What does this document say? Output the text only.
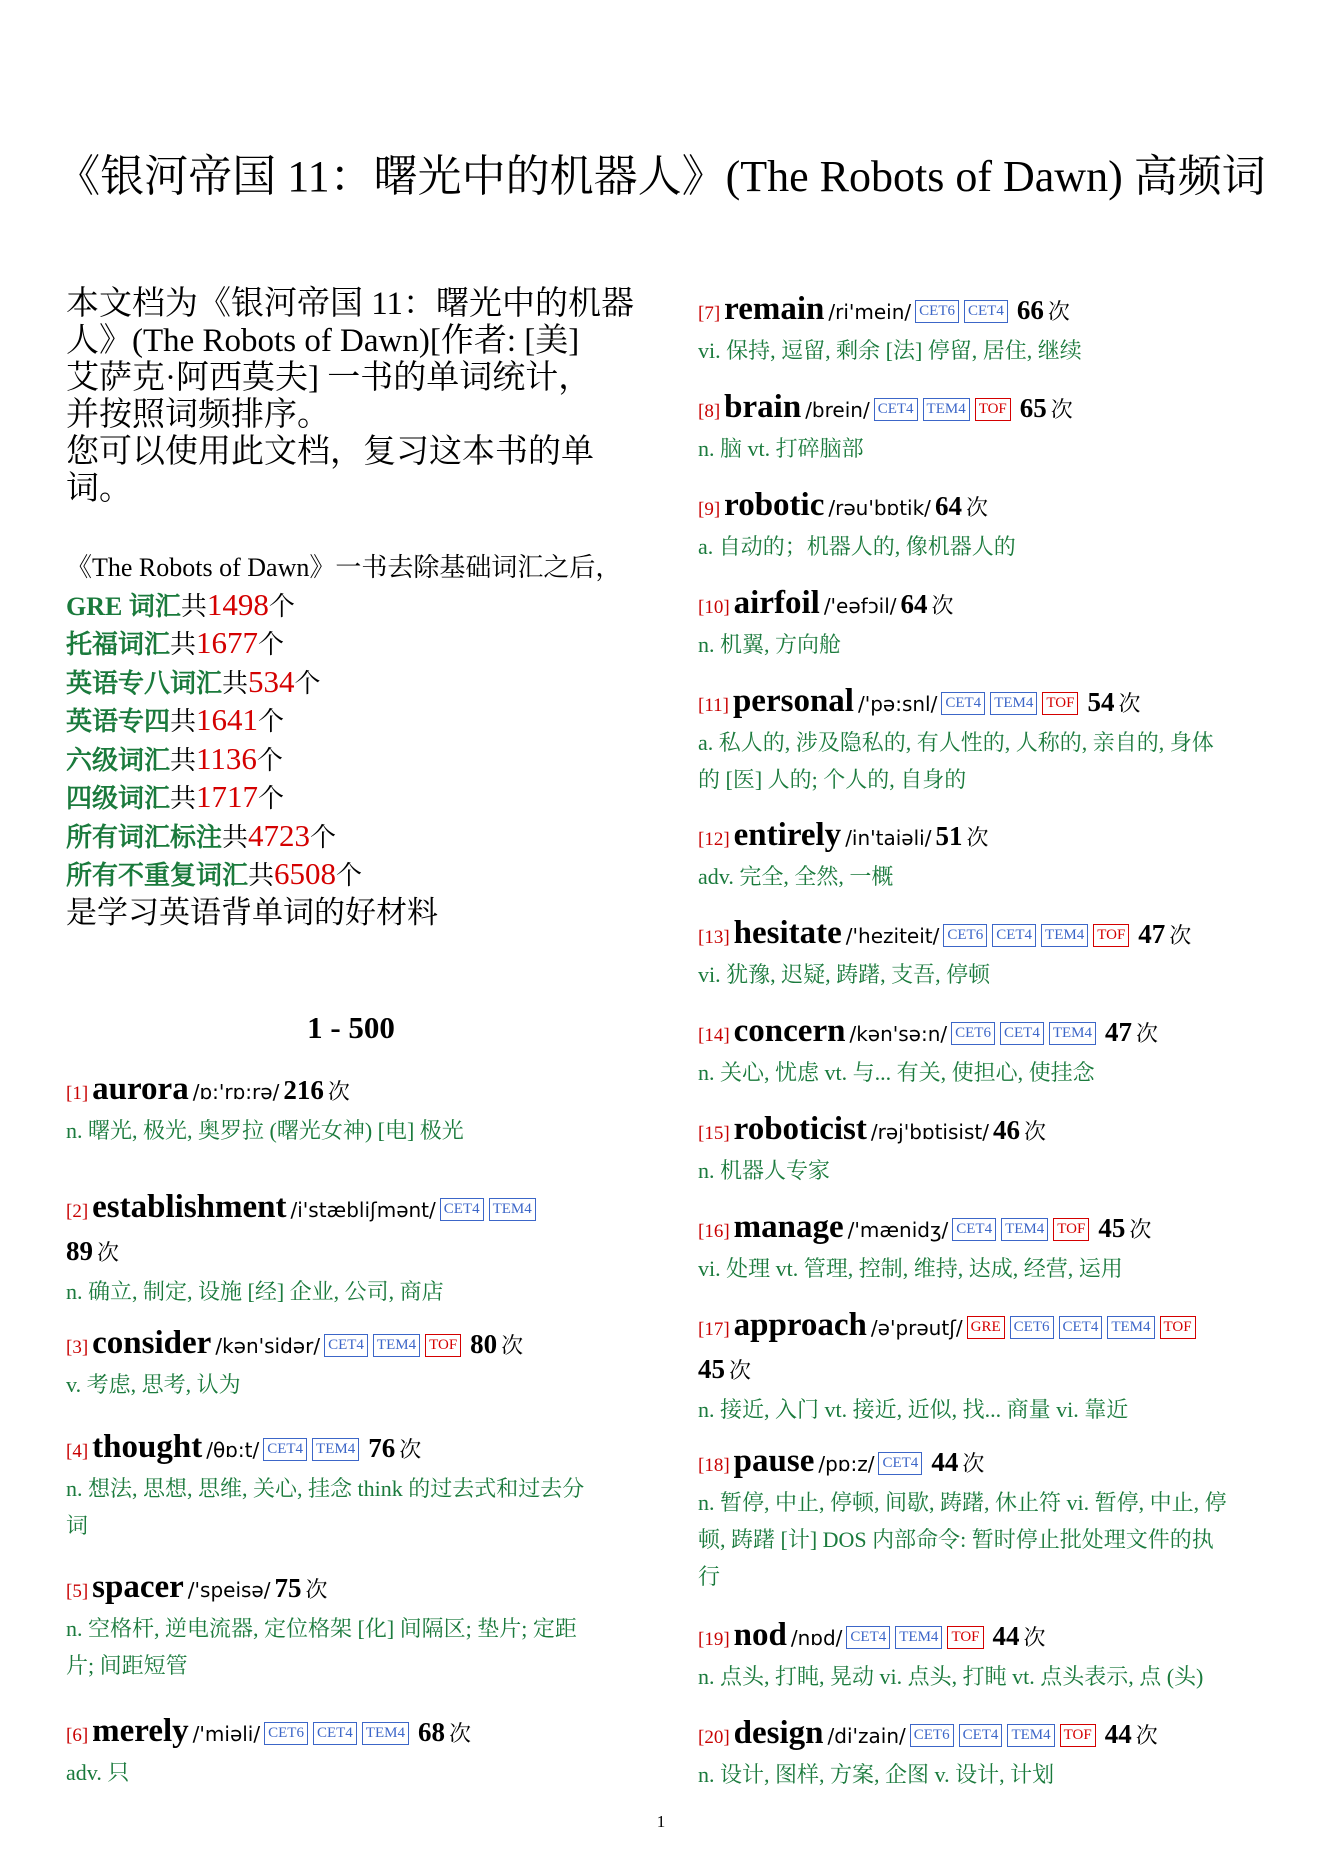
《银河帝国 11：曙光中的机器人》(The Robots of Dawn) 高频词
本文档为《银河帝国 11：曙光中的机器
人》(The Robots of Dawn)[作者: [美]
艾萨克·阿西莫夫] 一书的单词统计，
并按照词频排序。
您可以使用此文档，复习这本书的单
词。
《The Robots of Dawn》一书去除基础词汇之后，
GRE 词汇共1498个
托福词汇共1677个
英语专八词汇共534个
英语专四共1641个
六级词汇共1136个
四级词汇共1717个
所有词汇标注共4723个
所有不重复词汇共6508个
是学习英语背单词的好材料
1 - 500
[1] aurora /ɒ:'rɒ:rə/ 216 次
n. 曙光, 极光, 奥罗拉 (曙光女神) [电] 极光
[2] establishment /i'stæbliʃmənt/ CET4 TEM4
89 次
n. 确立, 制定, 设施 [经] 企业, 公司, 商店
[3] consider /kən'sidər/ CET4 TEM4 TOF 80 次
v. 考虑, 思考, 认为
[4] thought /θɒ:t/ CET4 TEM4 76 次
n. 想法, 思想, 思维, 关心, 挂念 think 的过去式和过去分
词
[5] spacer /'speisə/ 75 次
n. 空格杆, 逆电流器, 定位格架 [化] 间隔区; 垫片; 定距
片; 间距短管
[6] merely /'miəli/ CET6 CET4 TEM4 68 次
adv. 只
[7] remain /ri'mein/ CET6 CET4 66 次
vi. 保持, 逗留, 剩余 [法] 停留, 居住, 继续
[8] brain /brein/ CET4 TEM4 TOF 65 次
n. 脑 vt. 打碎脑部
[9] robotic /rəu'bɒtik/ 64 次
a. 自动的；机器人的, 像机器人的
[10] airfoil /'eəfɔil/ 64 次
n. 机翼, 方向舱
[11] personal /'pə:snl/ CET4 TEM4 TOF 54 次
a. 私人的, 涉及隐私的, 有人性的, 人称的, 亲自的, 身体
的 [医] 人的; 个人的, 自身的
[12] entirely /in'taiəli/ 51 次
adv. 完全, 全然, 一概
[13] hesitate /'heziteit/ CET6 CET4 TEM4 TOF 47 次
vi. 犹豫, 迟疑, 踌躇, 支吾, 停顿
[14] concern /kən'sə:n/ CET6 CET4 TEM4 47 次
n. 关心, 忧虑 vt. 与... 有关, 使担心, 使挂念
[15] roboticist /rəj'bɒtisist/ 46 次
n. 机器人专家
[16] manage /'mænidʒ/ CET4 TEM4 TOF 45 次
vi. 处理 vt. 管理, 控制, 维持, 达成, 经营, 运用
[17] approach /ə'prəutʃ/ GRE CET6 CET4 TEM4 TOF
45 次
n. 接近, 入门 vt. 接近, 近似, 找... 商量 vi. 靠近
[18] pause /pɒ:z/ CET4 44 次
n. 暂停, 中止, 停顿, 间歇, 踌躇, 休止符 vi. 暂停, 中止, 停
顿, 踌躇 [计] DOS 内部命令: 暂时停止批处理文件的执
行
[19] nod /nɒd/ CET4 TEM4 TOF 44 次
n. 点头, 打盹, 晃动 vi. 点头, 打盹 vt. 点头表示, 点 (头)
[20] design /di'zain/ CET6 CET4 TEM4 TOF 44 次
n. 设计, 图样, 方案, 企图 v. 设计, 计划
1
